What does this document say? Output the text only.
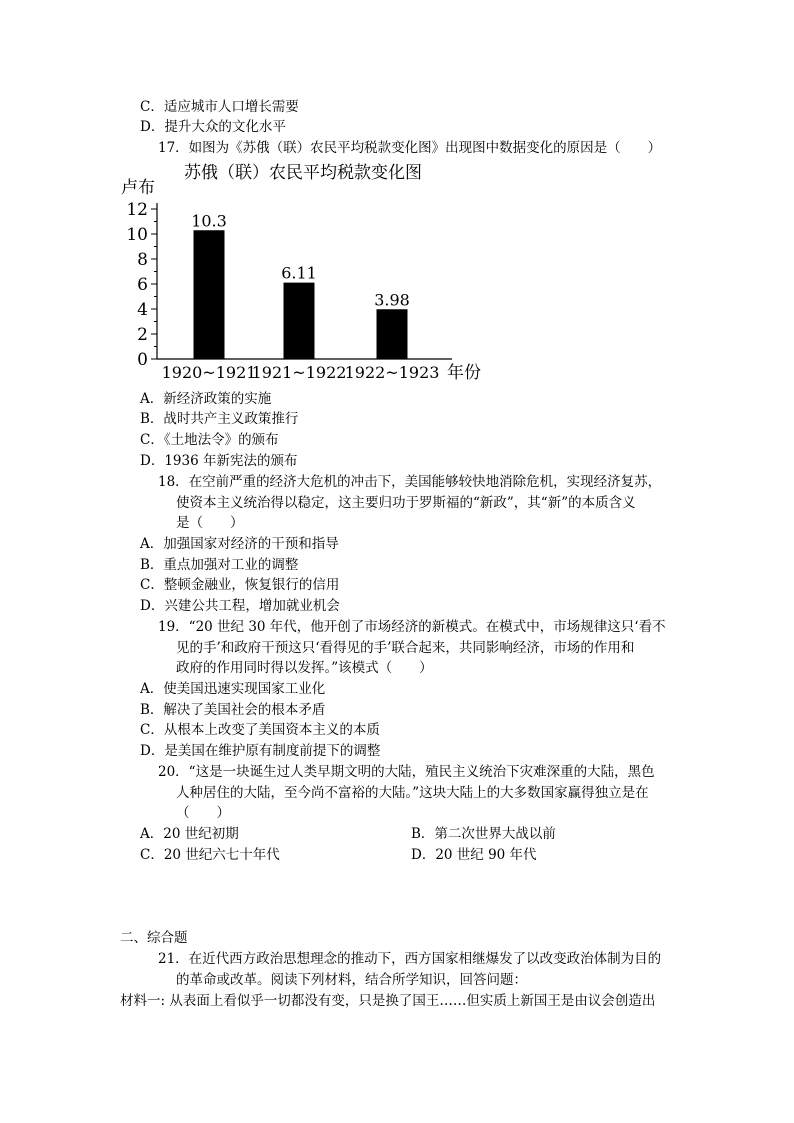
C．适应城市人口增长需要
D．提升大众的文化水平
17．如图为《苏俄（联）农民平均税款变化图》出现图中数据变化的原因是（　　）
苏俄（联）农民平均税款变化图
卢布
0
2
4
6
8
10
12
10.3
1920~1921
6.11
1921~1922
3.98
1922~1923 年份
A．新经济政策的实施
B．战时共产主义政策推行
C．《土地法令》的颁布
D．1936 年新宪法的颁布
18．在空前严重的经济大危机的冲击下，美国能够较快地消除危机，实现经济复苏，
使资本主义统治得以稳定，这主要归功于罗斯福的“新政”，其“新”的本质含义
是（　　）
A．加强国家对经济的干预和指导
B．重点加强对工业的调整
C．整顿金融业，恢复银行的信用
D．兴建公共工程，增加就业机会
19．“20 世纪 30 年代，他开创了市场经济的新模式。在模式中，市场规律这只‘看不
见的手’和政府干预这只‘看得见的手’联合起来，共同影响经济，市场的作用和
政府的作用同时得以发挥。”该模式（　　）
A．使美国迅速实现国家工业化
B．解决了美国社会的根本矛盾
C．从根本上改变了美国资本主义的本质
D．是美国在维护原有制度前提下的调整
20．“这是一块诞生过人类早期文明的大陆，殖民主义统治下灾难深重的大陆，黑色
人种居住的大陆，至今尚不富裕的大陆。”这块大陆上的大多数国家赢得独立是在
（　　）
A．20 世纪初期	B．第二次世界大战以前
C．20 世纪六七十年代	D．20 世纪 90 年代
二、综合题
21．在近代西方政治思想理念的推动下，西方国家相继爆发了以改变政治体制为目的
的革命或改革。阅读下列材料，结合所学知识，回答问题：
材料一: 从表面上看似乎一切都没有变，只是换了国王……但实质上新国王是由议会创造出
